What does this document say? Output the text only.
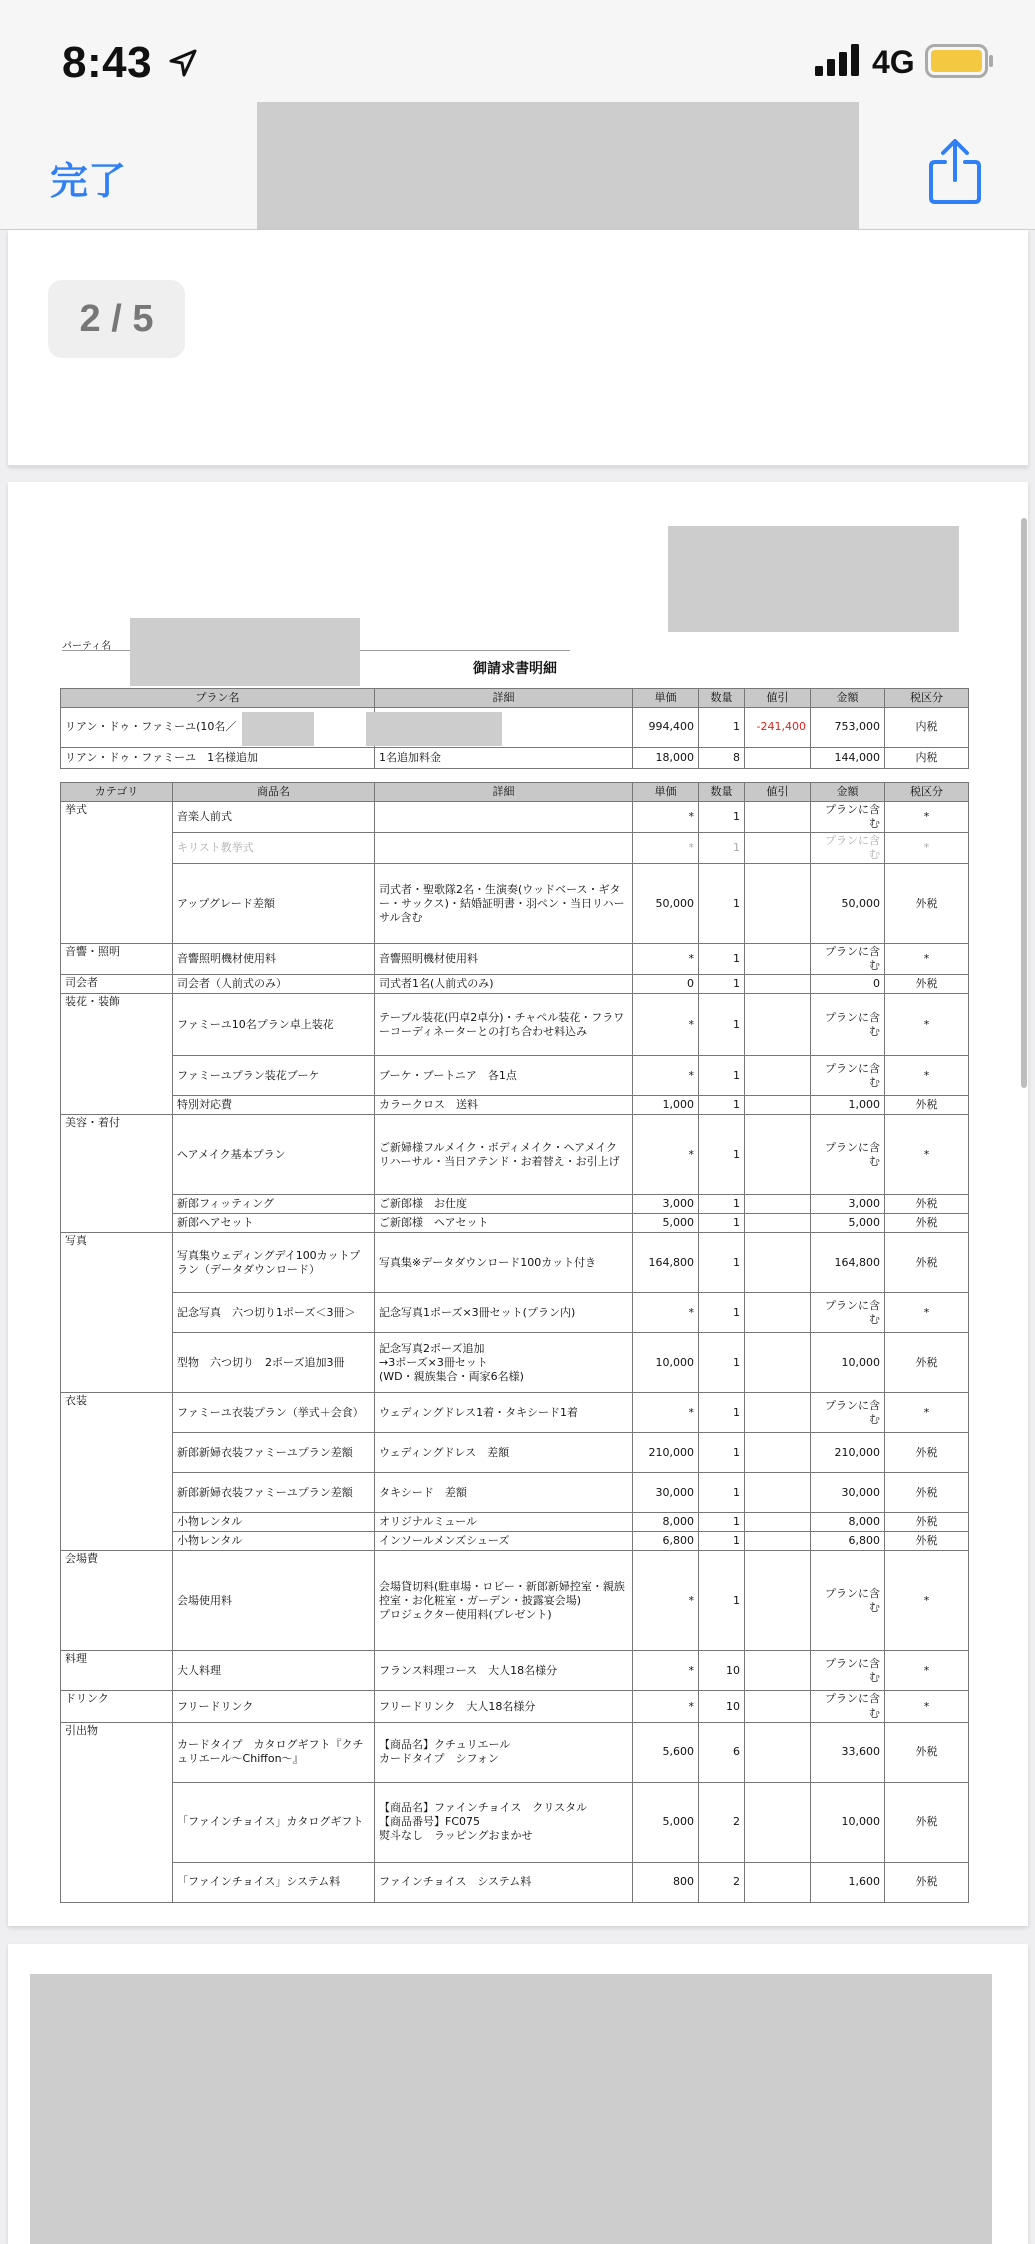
8:43	4G
完了
2 / 5
パーティ名
御請求書明細
プラン名	詳細	単価	数量	値引	金額	税区分
リアン・ドゥ・ファミーユ(10名／		994,400	1	-241,400	753,000	内税
リアン・ドゥ・ファミーユ　1名様追加	1名追加料金	18,000	8		144,000	内税
カテゴリ	商品名	詳細	単価	数量	値引	金額	税区分
挙式	音楽人前式		*	1		プランに含む	*
	キリスト教挙式		*	1		プランに含む	*
	アップグレード差額	司式者・聖歌隊2名・生演奏(ウッドベース・ギター・サックス)・結婚証明書・羽ペン・当日リハーサル含む	50,000	1		50,000	外税
音響・照明	音響照明機材使用料	音響照明機材使用料	*	1		プランに含む	*
司会者	司会者（人前式のみ）	司式者1名(人前式のみ)	0	1		0	外税
装花・装飾	ファミーユ10名プラン卓上装花	テーブル装花(円卓2卓分)・チャペル装花・フラワーコーディネーターとの打ち合わせ料込み	*	1		プランに含む	*
	ファミーユプラン装花ブーケ	ブーケ・ブートニア　各1点	*	1		プランに含む	*
	特別対応費	カラークロス　送料	1,000	1		1,000	外税
美容・着付	ヘアメイク基本プラン	ご新婦様フルメイク・ボディメイク・ヘアメイクリハーサル・当日アテンド・お着替え・お引上げ	*	1		プランに含む	*
	新郎フィッティング	ご新郎様　お仕度	3,000	1		3,000	外税
	新郎ヘアセット	ご新郎様　ヘアセット	5,000	1		5,000	外税
写真	写真集ウェディングデイ100カットプラン（データダウンロード）	写真集※データダウンロード100カット付き	164,800	1		164,800	外税
	記念写真　六つ切り1ポーズ＜3冊＞	記念写真1ポーズ×3冊セット(プラン内)	*	1		プランに含む	*
	型物　六つ切り　2ポーズ追加3冊	記念写真2ポーズ追加
→3ポーズ×3冊セット
(WD・親族集合・両家6名様)	10,000	1		10,000	外税
衣装	ファミーユ衣装プラン（挙式＋会食）	ウェディングドレス1着・タキシード1着	*	1		プランに含む	*
	新郎新婦衣装ファミーユプラン差額	ウェディングドレス　差額	210,000	1		210,000	外税
	新郎新婦衣装ファミーユプラン差額	タキシード　差額	30,000	1		30,000	外税
	小物レンタル	オリジナルミュール	8,000	1		8,000	外税
	小物レンタル	インソールメンズシューズ	6,800	1		6,800	外税
会場費	会場使用料	会場貸切料(駐車場・ロビー・新郎新婦控室・親族控室・お化粧室・ガーデン・披露宴会場)
プロジェクター使用料(プレゼント)	*	1		プランに含む	*
料理	大人料理	フランス料理コース　大人18名様分	*	10		プランに含む	*
ドリンク	フリードリンク	フリードリンク　大人18名様分	*	10		プランに含む	*
引出物	カードタイプ　カタログギフト『クチュリエール〜Chiffon〜』	【商品名】クチュリエール
カードタイプ　シフォン	5,600	6		33,600	外税
	「ファインチョイス」カタログギフト	【商品名】ファインチョイス　クリスタル
【商品番号】FC075
熨斗なし　ラッピングおまかせ	5,000	2		10,000	外税
	「ファインチョイス」システム料	ファインチョイス　システム料	800	2		1,600	外税
